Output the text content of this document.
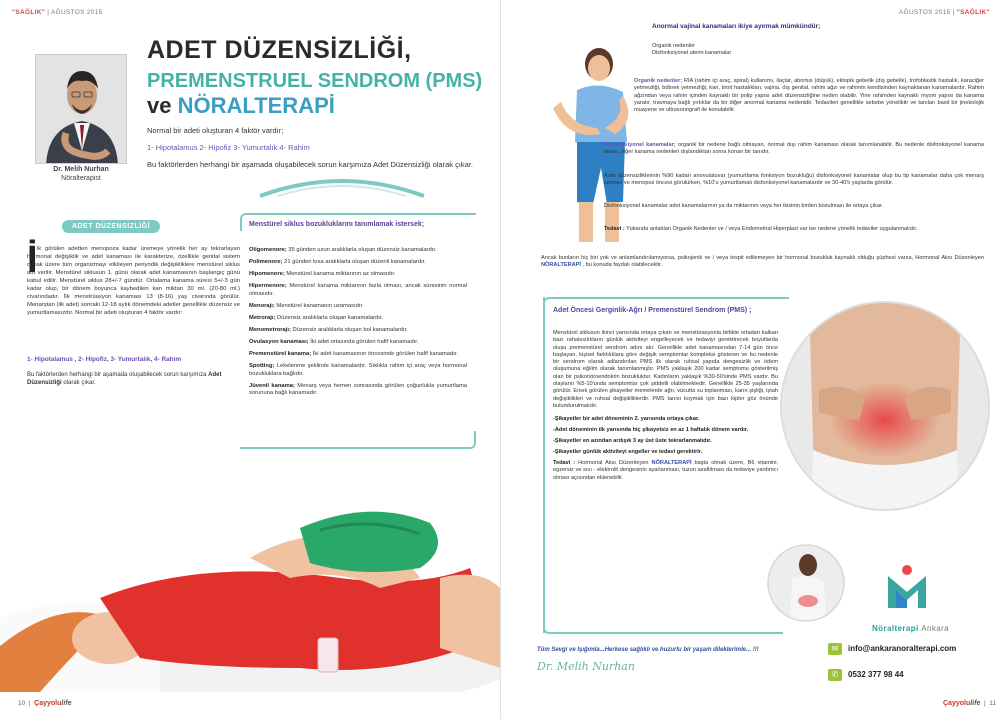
"SAĞLIK" | AĞUSTOS 2015
Dr. Melih Nurhan
Nöralterapist
ADET DÜZENSİZLİĞİ,
PREMENSTRUEL SENDROM (PMS)
ve NÖRALTERAPİ
Normal bir adeti oluşturan 4 faktör vardır;
1- Hipotalamus 2- Hipofiz 3- Yumurtalık 4- Rahim
Bu faktörlerden herhangi bir aşamada oluşabilecek sorun karşımıza Adet Düzensizliği olarak çıkar.
ADET DÜZENSİZLİĞİ
İ lk görülen adetten menopoza kadar üremeye yönelik her ay tekrarlayan hormonal değişiklik ve adet kanaması ile karakterize, özellikle genital sistem olmak üzere tüm organizmayı etkileyen periyodik değişikliklere menstürel siklus adı verilir. Menstürel siklusun 1. günü olarak adet kanamasının başlangıç günü kabul edilir. Menstürel siklus 28+/-7 gündür. Ortalama kanama süresi 5+/-3 gün kadar olup, bir dönem boyunca kaybedilen kan miktarı 30 ml. (20-80 ml.) civarındadır. İlk menstrüasyon kanaması 13 (8-16) yaş civarında görülür. Menarştan (ilk adet) sonraki 12-18 aylık dönemdeki adetler genellikle düzensiz ve yumurtlamasızdır. Normal bir adeti oluşturan 4 faktör vardır:
1- Hipotalamus , 2- Hipofiz, 3- Yumurtalık, 4- Rahim
Bu faktörlerden herhangi bir aşamada oluşabilecek sorun karşımıza Adet Düzensizliği olarak çıkar.
Menstürel siklus bozukluklarını tanımlamak istersek;

Oligomenore; 35 günden uzun aralıklarla oluşan düzensiz kanamalardır.

Polimenore; 21 günden kısa aralıklarla oluşan düzenli kanamalardır.

Hipomenore; Menstürel kanama miktarının az olmasıdır.

Hipermenore; Menstürel kanama miktarının fazla olması, ancak süresinin normal olmasıdır.

Menorajı; Menstürel kanamanın uzamasıdır.

Metrorajı; Düzensiz aralıklarla oluşan kanamalardır.

Menometrorajı; Düzensiz aralıklarla oluşan bol kanamalardır.

Ovulasyon kanaması; İki adet ortasında görülen hafif kanamadır.

Premenstürel kanama; İki adet kanamasının öncesinde görülen hafif kanamadır.

Spotting; Lekelenme şeklinde kanamalardır. Sıklıkla rahim içi araç veya hormonal bozukluklara bağlıdır.

Jüvenil kanama; Menarş veya hemen sonrasında görülen çoğunlukla yumurtlama sorununa bağlı kanamadır.

10  |  Çayyolulife
AĞUSTOS 2015 | "SAĞLIK"
Anormal vajinal kanamaları ikiye ayırmak mümkündür;
Organik nedenler
Disfonksiyonel uterin kanamalar
Organik nedenler; RIA (rahim içi araç, spiral) kullanımı, ilaçlar, abortus (düşük), ektopik gebelik (dış gebelik), trofoblastik hastalık, karaciğer yetmezliği, böbrek yetmezliği, kan, tiroit hastalıkları, vajina, dış genital, rahim ağzı ve rahimin kendisinden kaynaklanan kanamalardır. Rahim ağzından veya rahim içinden kaynaklı bir polip yapısı adet düzensizliğine neden olabilir. Yine rahimden kaynaklı myom yapısı da kanama yaratır, travmaya bağlı yırtıklar da bir diğer anormal kanama nedenidir. Tedavileri genellikle sebebe yöneliktir ve tanıları basit bir jinekolojik muayene ve ultrasonografi ile konulabilir.
Disfonksiyonel kanamalar; organik bir nedene bağlı olmayan, normal dışı rahim kanaması olarak tanımlanabilir. Bu nedenle disfonksiyonel kanama tanısı, diğer kanama nedenleri dışlandıktan sonra konan bir tanıdır.
Adet düzensizliklerinin %90 kadarı anovulatuvar (yumurtlama fonksiyon bozukluğu) disfonksiyonel kanamalar olup bu tip kanamalar daha çok menarş sonrası ve menopoz öncesi görülürken, %10'u yumurtlamalı disfonksiyonel kanamalardır ve 30-40'lı yaşlarda görülür.
Disfonksiyonel kanamalar adet kanamalarının ya da miktarının veya her ikisinin birden bozulması ile ortaya çıkar.
Tedavi : Yukarıda anlatılan Organik Nedenler ve / veya Endometrial Hiperplazi var ise nedene yönelik tedaviler uygulanmalıdır.
Ancak bunların hiç biri yok ve anlamlandırılamıyorsa, psikojenik ve / veya tespit edilemeyen bir hormonal bozukluk kaynaklı olduğu şüphesi varsa, Hormonal Aksı Düzenleyen NÖRALTERAPİ , bu konuda faydalı olabilecektir.
Adet Öncesi Gerginlik-Ağrı / Premenstürel Sendrom (PMS) ;

Menstürel siklusun ikinci yarısında ortaya çıkan ve menstürasyonla birlikte ortadan kalkan bazı rahatsızlıkların günlük aktiviteyi engelleyecek ve tedaviyi gerektirecek boyutlarda oluşu premenstürel sendrom adını alır. Genellikle adet kanamasından 7-14 gün önce başlayan, kişisel farklılıklara göre değişik semptomlar kompleksi gösteren ve bu nedenle bir sendrom olarak adlandırılan PMS ilk olarak ruhsal yapıda dengesizlik ve ödem oluşumuna eğilim olarak tanımlanmıştır. PMS yaklaşık 200 kadar semptomu gösterilmiş olan bir psikonöroendokrin bozukluktur. Kadınların yaklaşık %30-50'sinde PMS vardır. Bu olayların %5-10'unda semptomlar çok şiddetli olabilmektedir. Genellikle 25-35 yaşlarında görülür. Ensık görülen şikayetler memelerde ağrı, vücutta su toplanması, karın şişliği, iştah değişiklikleri ve ruhsal değişikliklerdir. PMS tanısı koymak için bazı kipler göz önünde bulundurulmalıdır.

-Şikayetler bir adet döneminin 2. yarısında ortaya çıkar.

-Adet döneminin ilk yarısında hiç şikayetsiz en az 1 haftalık dönem vardır.

-Şikayetler en azından ardışık 3 ay üst üste tekrarlanmalıdır.

-Şikayetler günlük aktiviteyi engeller ve tedavi gerektirir.

Tedavi : Hormonal Aksı Düzenleyen NÖRALTERAPİ başta olmak üzere, B6 vitamini, egzersiz ve sıvı - elektrolit dengesinin ayarlanması, tuzun azaltılması da tedaviye yardımcı olması açısından eklenebilir.

Nöralterapi Ankara
✉	info@ankaranoralterapi.com
✆	0532 377 98 44
Tüm Sevgi ve Işığımla...Herkese sağlıklı ve huzurlu bir yaşam dileklerimle... !!!
Dr. Melih Nurhan
Çayyolulife  |  11
